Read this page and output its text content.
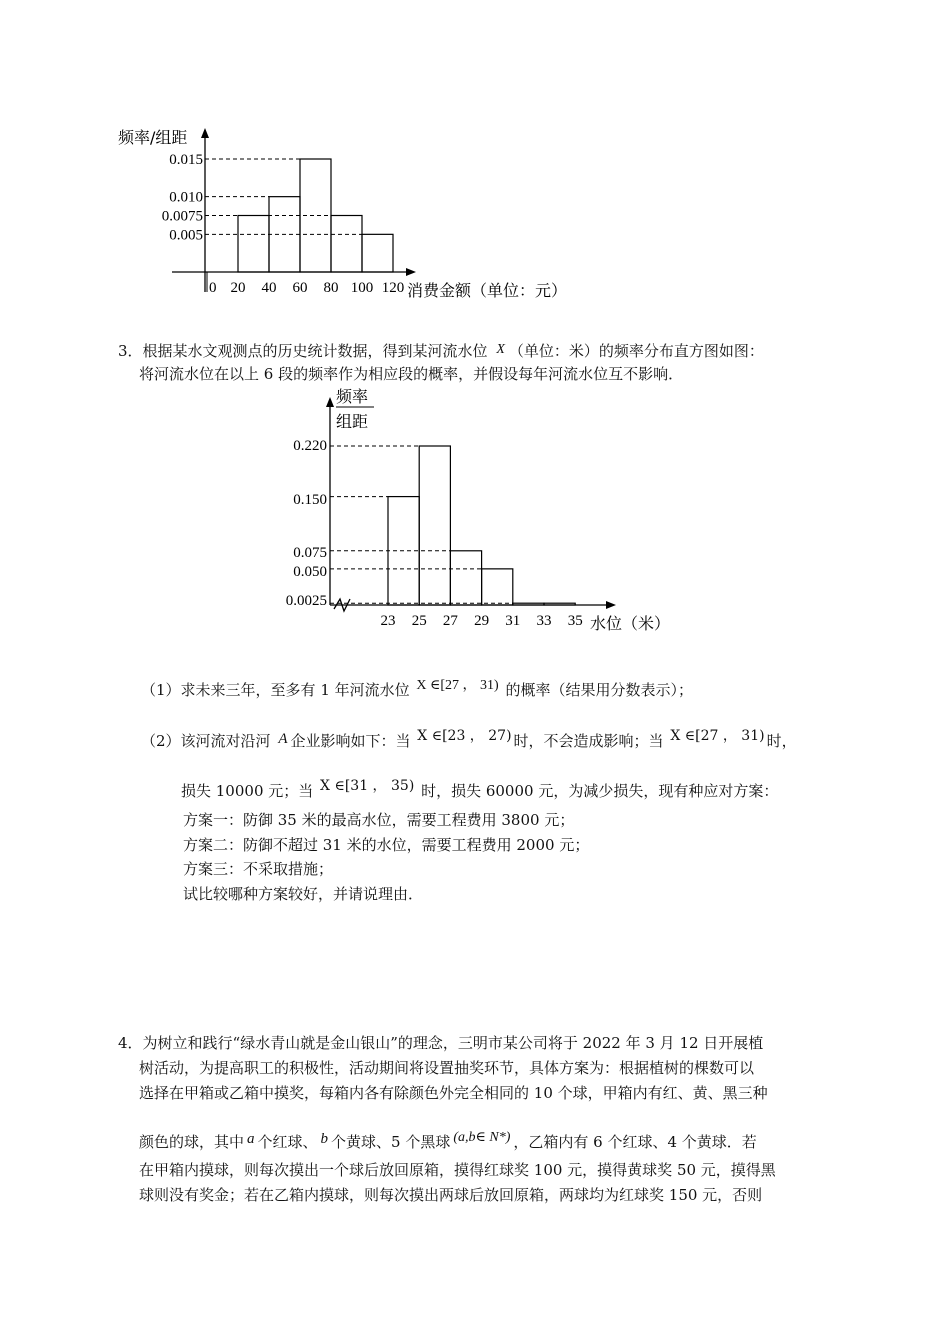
频率/组距
0.005
0.0075
0.010
0.015
0 20 40 60 80 100 120 消费金额（单位：元）
3．根据某水文观测点的历史统计数据，得到某河流水位 X （单位：米）的频率分布直方图如图：
将河流水位在以上 6 段的频率作为相应段的概率，并假设每年河流水位互不影响．
频率
组距
0.0025
0.050
0.075
0.150
0.220
23 25 27 29 31 33 35 水位（米）
（1）求未来三年，至多有 1 年河流水位 X ∈[27 ， 31) 的概率（结果用分数表示）；
（2）该河流对沿河 A 企业影响如下：当 X ∈[23 ， 27) 时，不会造成影响；当 X ∈[27 ， 31) 时，
损失 10000 元；当 X ∈[31 ， 35) 时，损失 60000 元，为减少损失，现有种应对方案：
方案一：防御 35 米的最高水位，需要工程费用 3800 元；
方案二：防御不超过 31 米的水位，需要工程费用 2000 元；
方案三：不采取措施；
试比较哪种方案较好，并请说理由．
4．为树立和践行“绿水青山就是金山银山”的理念，三明市某公司将于 2022 年 3 月 12 日开展植
树活动，为提高职工的积极性，活动期间将设置抽奖环节，具体方案为：根据植树的棵数可以
选择在甲箱或乙箱中摸奖，每箱内各有除颜色外完全相同的 10 个球，甲箱内有红、黄、黑三种
颜色的球，其中 a 个红球、 b 个黄球、5 个黑球 (a,b∈ N*) ，乙箱内有 6 个红球、4 个黄球．若
在甲箱内摸球，则每次摸出一个球后放回原箱，摸得红球奖 100 元，摸得黄球奖 50 元，摸得黑
球则没有奖金；若在乙箱内摸球，则每次摸出两球后放回原箱，两球均为红球奖 150 元，否则
